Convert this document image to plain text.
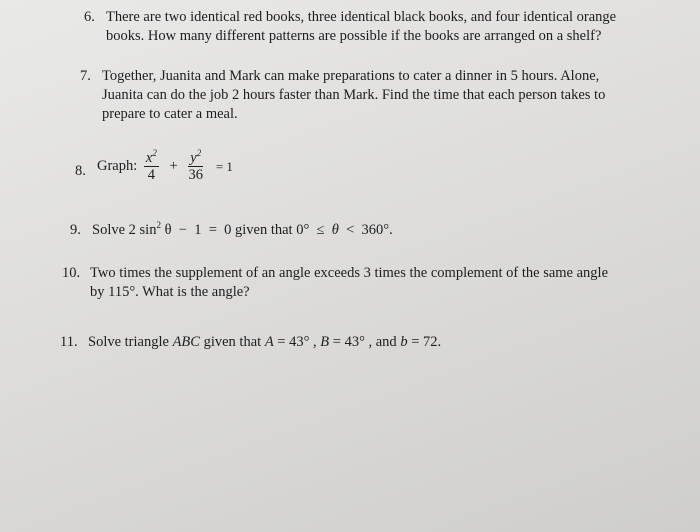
6. There are two identical red books, three identical black books, and four identical orange
books. How many different patterns are possible if the books are arranged on a shelf?
7. Together, Juanita and Mark can make preparations to cater a dinner in 5 hours. Alone,
Juanita can do the job 2 hours faster than Mark. Find the time that each person takes to
prepare to cater a meal.
8. Graph: $\frac{x^2}{4} + \frac{y^2}{36} = 1$
9. Solve 2 $\sin^2 \theta - 1 = 0$ given that 0°  ≤  θ  <  360°.
10. Two times the supplement of an angle exceeds 3 times the complement of the same angle
by 115°. What is the angle?
11. Solve triangle ABC given that A = 43° , B = 43° , and b = 72.
